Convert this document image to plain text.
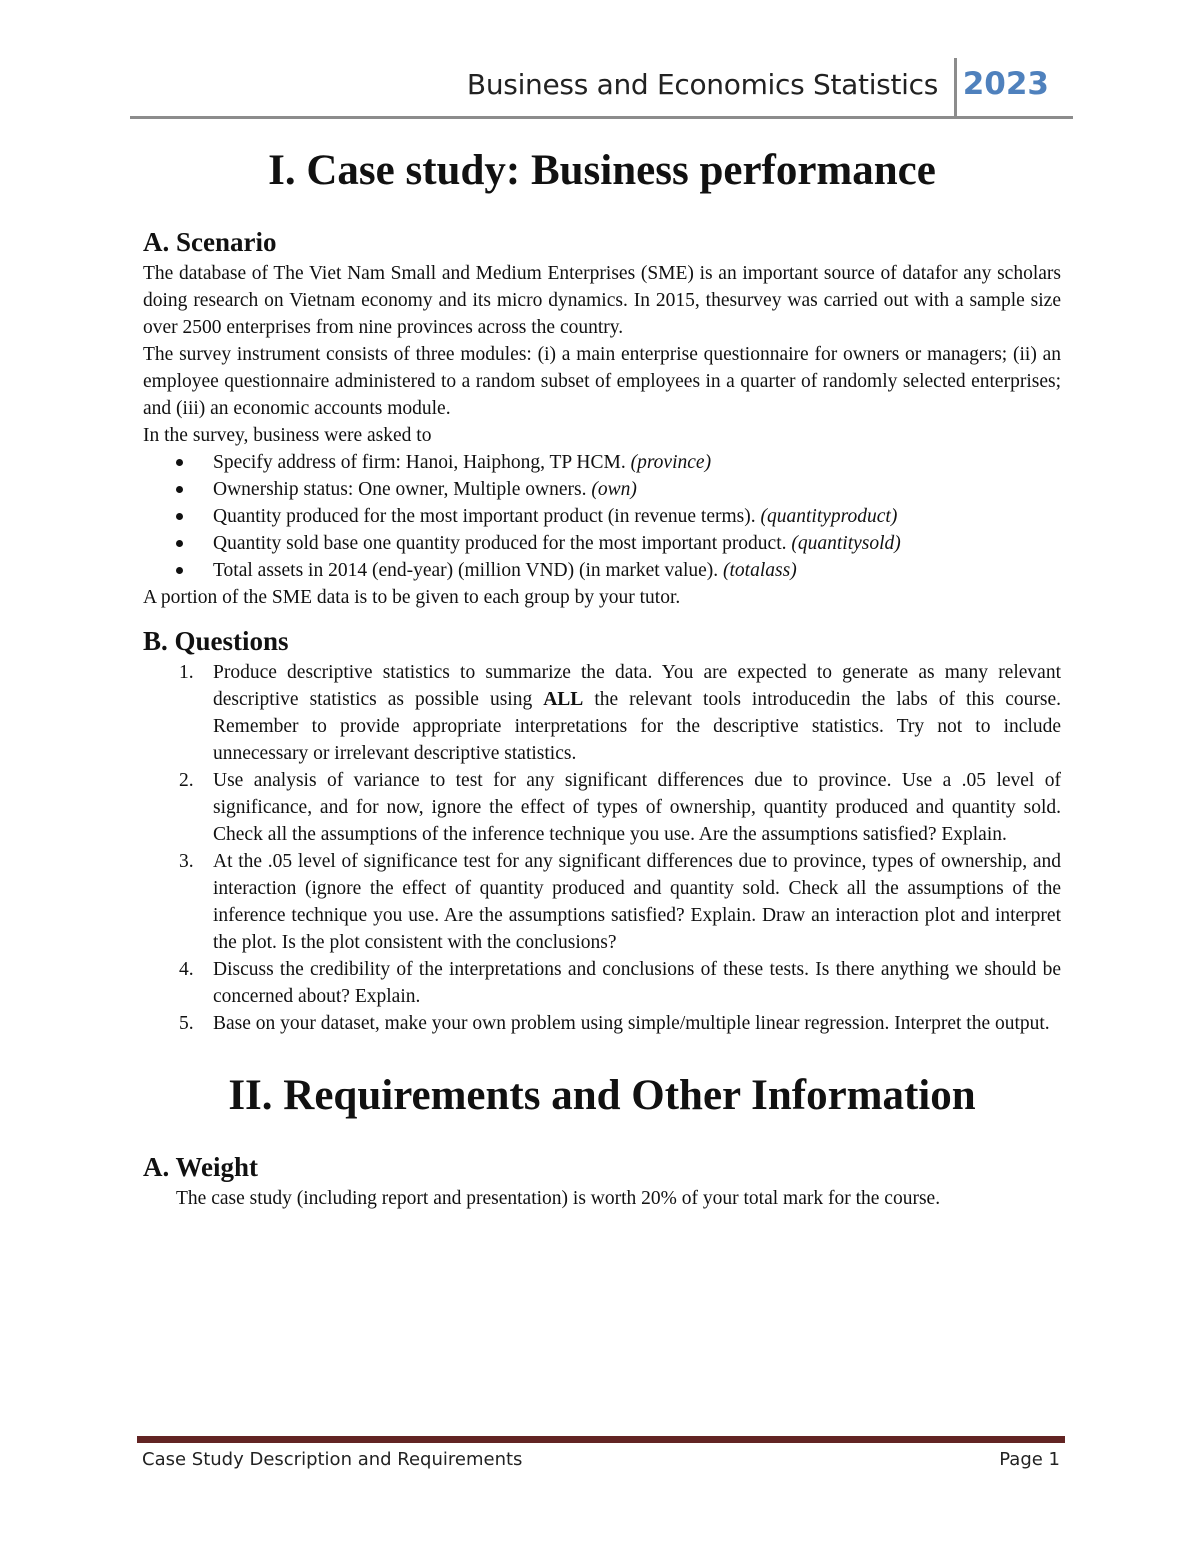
Business and Economics Statistics 2023
I. Case study: Business performance
A. Scenario

The database of The Viet Nam Small and Medium Enterprises (SME) is an important source of datafor any scholars doing research on Vietnam economy and its micro dynamics. In 2015, thesurvey was carried out with a sample size over 2500 enterprises from nine provinces across the country.

The survey instrument consists of three modules: (i) a main enterprise questionnaire for owners or managers; (ii) an employee questionnaire administered to a random subset of employees in a quarter of randomly selected enterprises; and (iii) an economic accounts module.

In the survey, business were asked to

Specify address of firm: Hanoi, Haiphong, TP HCM. (province)
Ownership status: One owner, Multiple owners. (own)
Quantity produced for the most important product (in revenue terms). (quantityproduct)
Quantity sold base one quantity produced for the most important product. (quantitysold)
Total assets in 2014 (end-year) (million VND) (in market value). (totalass)

A portion of the SME data is to be given to each group by your tutor.

B. Questions
1. Produce descriptive statistics to summarize the data. You are expected to generate as many relevant descriptive statistics as possible using ALL the relevant tools introducedin the labs of this course. Remember to provide appropriate interpretations for the descriptive statistics. Try not to include unnecessary or irrelevant descriptive statistics.
2. Use analysis of variance to test for any significant differences due to province. Use a .05 level of significance, and for now, ignore the effect of types of ownership, quantity produced and quantity sold. Check all the assumptions of the inference technique you use. Are the assumptions satisfied? Explain.
3. At the .05 level of significance test for any significant differences due to province, types of ownership, and interaction (ignore the effect of quantity produced and quantity sold. Check all the assumptions of the inference technique you use. Are the assumptions satisfied? Explain. Draw an interaction plot and interpret the plot. Is the plot consistent with the conclusions?
4. Discuss the credibility of the interpretations and conclusions of these tests. Is there anything we should be concerned about? Explain.
5. Base on your dataset, make your own problem using simple/multiple linear regression. Interpret the output.
II. Requirements and Other Information
A. Weight

The case study (including report and presentation) is worth 20% of your total mark for the course.

Case Study Description and Requirements	Page 1
